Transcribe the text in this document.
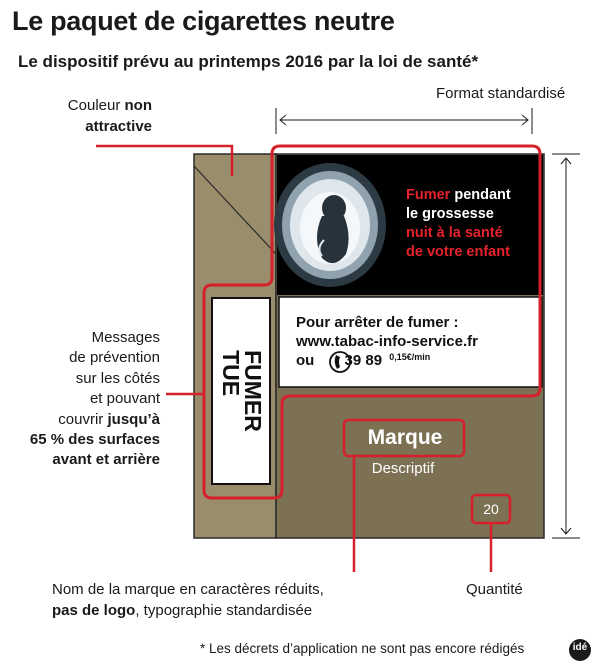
Le paquet de cigarettes neutre
Le dispositif prévu au printemps 2016 par la loi de santé*
Format standardisé
Couleur non
attractive
Messages
de prévention
sur les côtés
et pouvant
couvrir jusqu’à
65 % des surfaces
avant et arrière
Fumer pendant
le grossesse
nuit à la santé
de votre enfant
Pour arrêter de fumer :
www.tabac-info-service.fr
ou 39 89 $^{0,15€/min}$
FUMER
TUE
Marque
Descriptif
20
Nom de la marque en caractères réduits,
pas de logo, typographie standardisée
Quantité
* Les décrets d’application ne sont pas encore rédigés	idé
